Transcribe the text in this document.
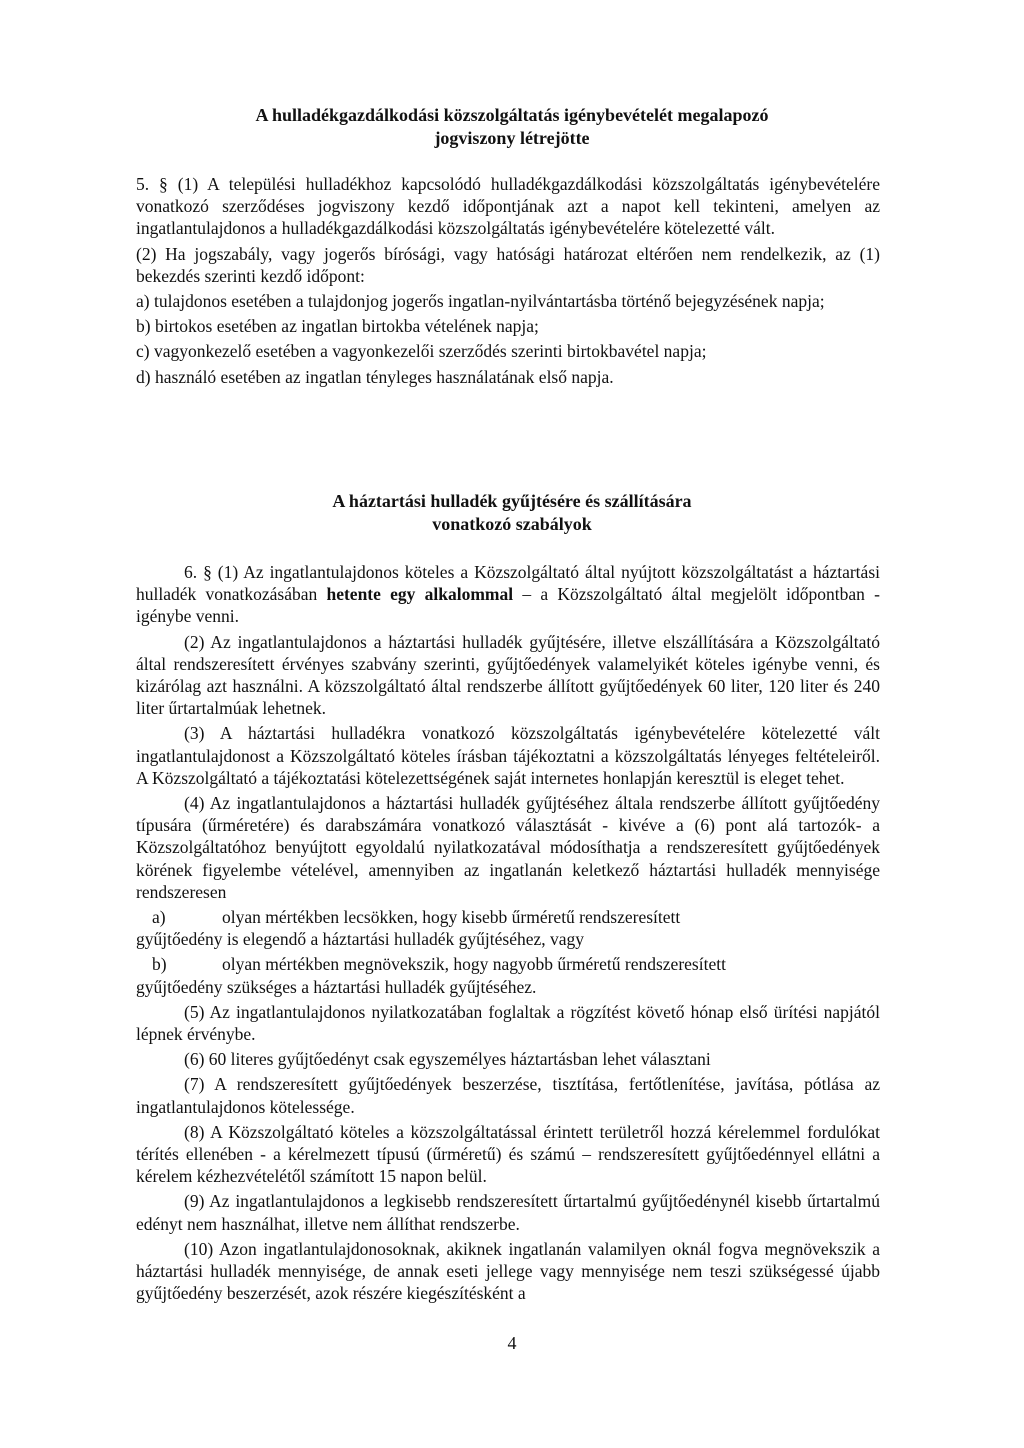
A hulladékgazdálkodási közszolgáltatás igénybevételét megalapozó
jogviszony létrejötte

5. § (1) A települési hulladékhoz kapcsolódó hulladékgazdálkodási közszolgáltatás igénybevételére vonatkozó szerződéses jogviszony kezdő időpontjának azt a napot kell tekinteni, amelyen az ingatlantulajdonos a hulladékgazdálkodási közszolgáltatás igénybevételére kötelezetté vált.

(2) Ha jogszabály, vagy jogerős bírósági, vagy hatósági határozat eltérően nem rendelkezik, az (1) bekezdés szerinti kezdő időpont:

a) tulajdonos esetében a tulajdonjog jogerős ingatlan-nyilvántartásba történő bejegyzésének napja;
b) birtokos esetében az ingatlan birtokba vételének napja;
c) vagyonkezelő esetében a vagyonkezelői szerződés szerinti birtokbavétel napja;
d) használó esetében az ingatlan tényleges használatának első napja.
A háztartási hulladék gyűjtésére és szállítására
vonatkozó szabályok

6. § (1) Az ingatlantulajdonos köteles a Közszolgáltató által nyújtott közszolgáltatást a háztartási hulladék vonatkozásában hetente egy alkalommal – a Közszolgáltató által megjelölt időpontban - igénybe venni.

(2) Az ingatlantulajdonos a háztartási hulladék gyűjtésére, illetve elszállítására a Közszolgáltató által rendszeresített érvényes szabvány szerinti, gyűjtőedények valamelyikét köteles igénybe venni, és kizárólag azt használni. A közszolgáltató által rendszerbe állított gyűjtőedények 60 liter, 120 liter és 240 liter űrtartalmúak lehetnek.

(3) A háztartási hulladékra vonatkozó közszolgáltatás igénybevételére kötelezetté vált ingatlantulajdonost a Közszolgáltató köteles írásban tájékoztatni a közszolgáltatás lényeges feltételeiről. A Közszolgáltató a tájékoztatási kötelezettségének saját internetes honlapján keresztül is eleget tehet.

(4) Az ingatlantulajdonos a háztartási hulladék gyűjtéséhez általa rendszerbe állított gyűjtőedény típusára (űrméretére) és darabszámára vonatkozó választását - kivéve a (6) pont alá tartozók- a Közszolgáltatóhoz benyújtott egyoldalú nyilatkozatával módosíthatja a rendszeresített gyűjtőedények körének figyelembe vételével, amennyiben az ingatlanán keletkező háztartási hulladék mennyisége rendszeresen

a)	olyan mértékben lecsökken, hogy kisebb űrméretű rendszeresített

gyűjtőedény is elegendő a háztartási hulladék gyűjtéséhez, vagy

b)	olyan mértékben megnövekszik, hogy nagyobb űrméretű rendszeresített

gyűjtőedény szükséges a háztartási hulladék gyűjtéséhez.

(5) Az ingatlantulajdonos nyilatkozatában foglaltak a rögzítést követő hónap első ürítési napjától lépnek érvénybe.

(6) 60 literes gyűjtőedényt csak egyszemélyes háztartásban lehet választani

(7) A rendszeresített gyűjtőedények beszerzése, tisztítása, fertőtlenítése, javítása, pótlása az ingatlantulajdonos kötelessége.

(8) A Közszolgáltató köteles a közszolgáltatással érintett területről hozzá kérelemmel fordulókat térítés ellenében - a kérelmezett típusú (űrméretű) és számú – rendszeresített gyűjtőedénnyel ellátni a kérelem kézhezvételétől számított 15 napon belül.

(9) Az ingatlantulajdonos a legkisebb rendszeresített űrtartalmú gyűjtőedénynél kisebb űrtartalmú edényt nem használhat, illetve nem állíthat rendszerbe.

(10) Azon ingatlantulajdonosoknak, akiknek ingatlanán valamilyen oknál fogva megnövekszik a háztartási hulladék mennyisége, de annak eseti jellege vagy mennyisége nem teszi szükségessé újabb gyűjtőedény beszerzését, azok részére kiegészítésként a

4
